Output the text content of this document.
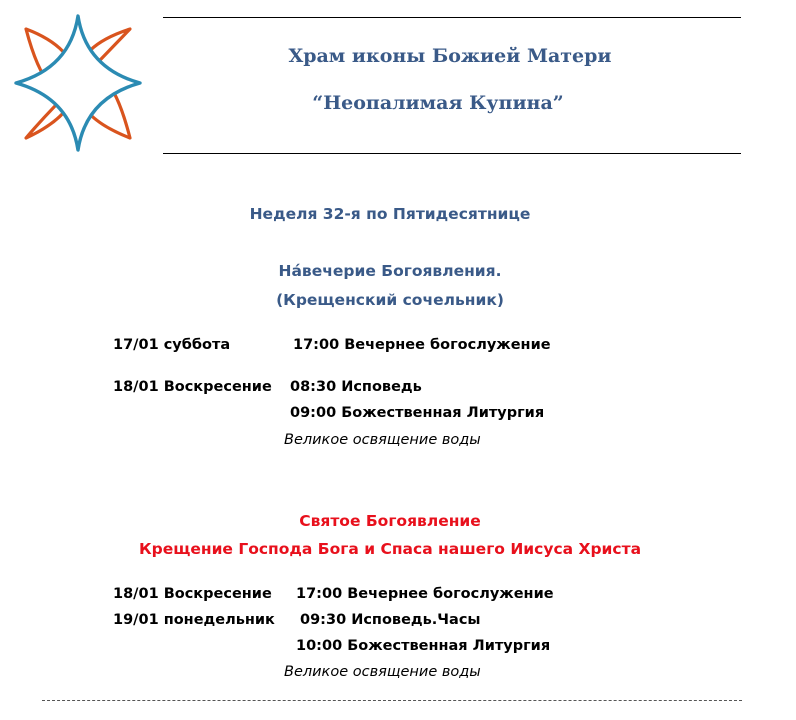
Храм иконы Божией Матери
“Неопалимая Купина”
Неделя 32-я по Пятидесятнице
На́вечерие Богоявления.
(Крещенский сочельник)
17/01 суббота	17:00 Вечернее богослужение
18/01 Воскресение 08:30 Исповедь
09:00 Божественная Литургия
Великое освящение воды
Святое Богоявление
Крещение Господа Бога и Спаса нашего Иисуса Христа
18/01 Воскресение 17:00 Вечернее богослужение
19/01 понедельник 09:30 Исповедь.Часы
10:00 Божественная Литургия
Великое освящение воды
